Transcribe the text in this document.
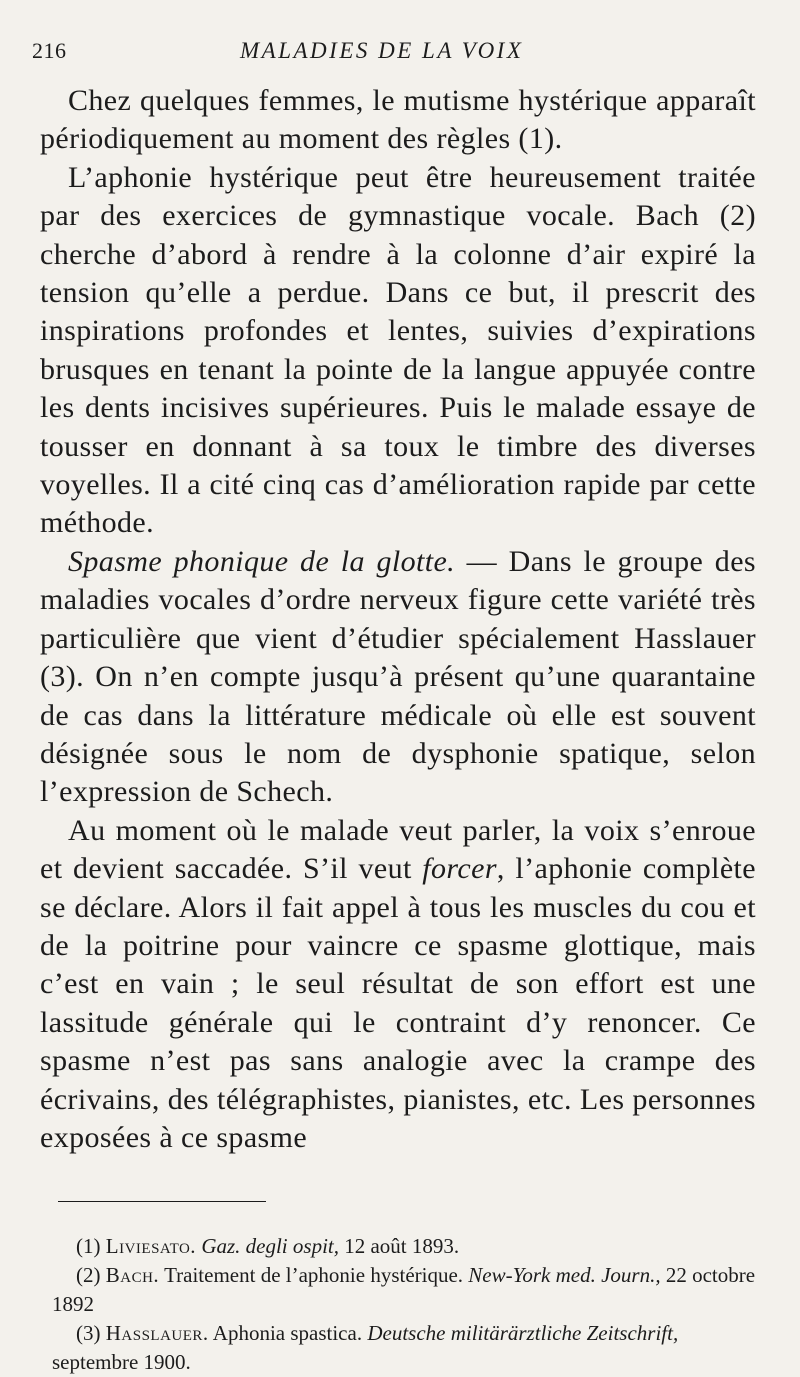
216	MALADIES DE LA VOIX

Chez quelques femmes, le mutisme hystérique apparaît périodiquement au moment des règles (1).

L’aphonie hystérique peut être heureusement traitée par des exercices de gymnastique vocale. Bach (2) cherche d’abord à rendre à la colonne d’air expiré la tension qu’elle a perdue. Dans ce but, il prescrit des inspirations profondes et lentes, suivies d’expirations brusques en tenant la pointe de la langue appuyée contre les dents incisives supérieures. Puis le malade essaye de tousser en donnant à sa toux le timbre des diverses voyelles. Il a cité cinq cas d’amélioration rapide par cette méthode.

Spasme phonique de la glotte. — Dans le groupe des maladies vocales d’ordre nerveux figure cette variété très particulière que vient d’étudier spécialement Hasslauer (3). On n’en compte jusqu’à présent qu’une quarantaine de cas dans la littérature médicale où elle est souvent désignée sous le nom de dysphonie spatique, selon l’expression de Schech.

Au moment où le malade veut parler, la voix s’enroue et devient saccadée. S’il veut forcer, l’aphonie complète se déclare. Alors il fait appel à tous les muscles du cou et de la poitrine pour vaincre ce spasme glottique, mais c’est en vain ; le seul résultat de son effort est une lassitude générale qui le contraint d’y renoncer. Ce spasme n’est pas sans analogie avec la crampe des écrivains, des télégraphistes, pianistes, etc. Les personnes exposées à ce spasme

(1) Liviesato. Gaz. degli ospit, 12 août 1893.

(2) Bach. Traitement de l’aphonie hystérique. New-York med. Journ., 22 octobre 1892

(3) Hasslauer. Aphonia spastica. Deutsche militärärztliche Zeitschrift, septembre 1900.
